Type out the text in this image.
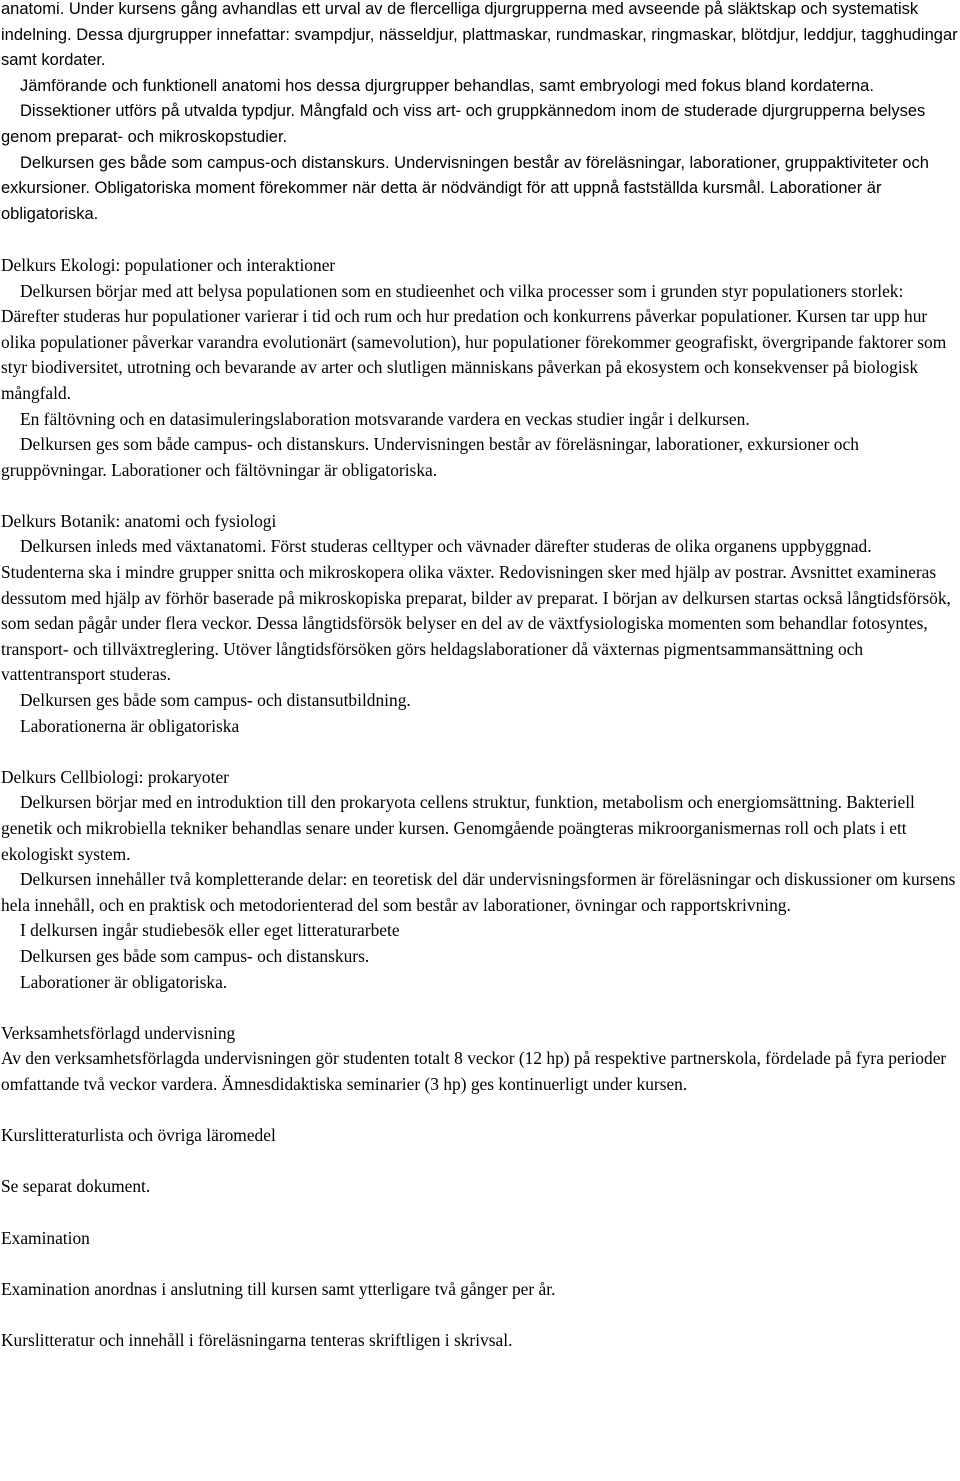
anatomi. Under kursens gång avhandlas ett urval av de flercelliga djurgrupperna med avseende på släktskap och systematisk indelning. Dessa djurgrupper innefattar: svampdjur, nässeldjur, plattmaskar, rundmaskar, ringmaskar, blötdjur, leddjur, tagghudingar samt kordater.

Jämförande och funktionell anatomi hos dessa djurgrupper behandlas, samt embryologi med fokus bland kordaterna.

Dissektioner utförs på utvalda typdjur. Mångfald och viss art- och gruppkännedom inom de studerade djurgrupperna belyses genom preparat- och mikroskopstudier.

Delkursen ges både som campus-och distanskurs. Undervisningen består av föreläsningar, laborationer, gruppaktiviteter och exkursioner. Obligatoriska moment förekommer när detta är nödvändigt för att uppnå fastställda kursmål. Laborationer är obligatoriska.

Delkurs Ekologi: populationer och interaktioner

Delkursen börjar med att belysa populationen som en studieenhet och vilka processer som i grunden styr populationers storlek: Därefter studeras hur populationer varierar i tid och rum och hur predation och konkurrens påverkar populationer. Kursen tar upp hur olika populationer påverkar varandra evolutionärt (samevolution), hur populationer förekommer geografiskt, övergripande faktorer som styr biodiversitet, utrotning och bevarande av arter och slutligen människans påverkan på ekosystem och konsekvenser på biologisk mångfald.

En fältövning och en datasimuleringslaboration motsvarande vardera en veckas studier ingår i delkursen.

Delkursen ges som både campus- och distanskurs. Undervisningen består av föreläsningar, laborationer, exkursioner och gruppövningar. Laborationer och fältövningar är obligatoriska.

Delkurs Botanik: anatomi och fysiologi

Delkursen inleds med växtanatomi. Först studeras celltyper och vävnader därefter studeras de olika organens uppbyggnad. Studenterna ska i mindre grupper snitta och mikroskopera olika växter. Redovisningen sker med hjälp av postrar. Avsnittet examineras dessutom med hjälp av förhör baserade på mikroskopiska preparat, bilder av preparat. I början av delkursen startas också långtidsförsök, som sedan pågår under flera veckor. Dessa långtidsförsök belyser en del av de växtfysiologiska momenten som behandlar fotosyntes, transport- och tillväxtreglering. Utöver långtidsförsöken görs heldagslaborationer då växternas pigmentsammansättning och vattentransport studeras.

Delkursen ges både som campus- och distansutbildning.

Laborationerna är obligatoriska

Delkurs Cellbiologi: prokaryoter

Delkursen börjar med en introduktion till den prokaryota cellens struktur, funktion, metabolism och energiomsättning. Bakteriell genetik och mikrobiella tekniker behandlas senare under kursen. Genomgående poängteras mikroorganismernas roll och plats i ett ekologiskt system.

Delkursen innehåller två kompletterande delar: en teoretisk del där undervisningsformen är föreläsningar och diskussioner om kursens hela innehåll, och en praktisk och metodorienterad del som består av laborationer, övningar och rapportskrivning.

I delkursen ingår studiebesök eller eget litteraturarbete

Delkursen ges både som campus- och distanskurs.

Laborationer är obligatoriska.

Verksamhetsförlagd undervisning

Av den verksamhetsförlagda undervisningen gör studenten totalt 8 veckor (12 hp) på respektive partnerskola, fördelade på fyra perioder omfattande två veckor vardera. Ämnesdidaktiska seminarier (3 hp) ges kontinuerligt under kursen.

Kurslitteraturlista och övriga läromedel

Se separat dokument.

Examination

Examination anordnas i anslutning till kursen samt ytterligare två gånger per år.

Kurslitteratur och innehåll i föreläsningarna tenteras skriftligen i skrivsal.
